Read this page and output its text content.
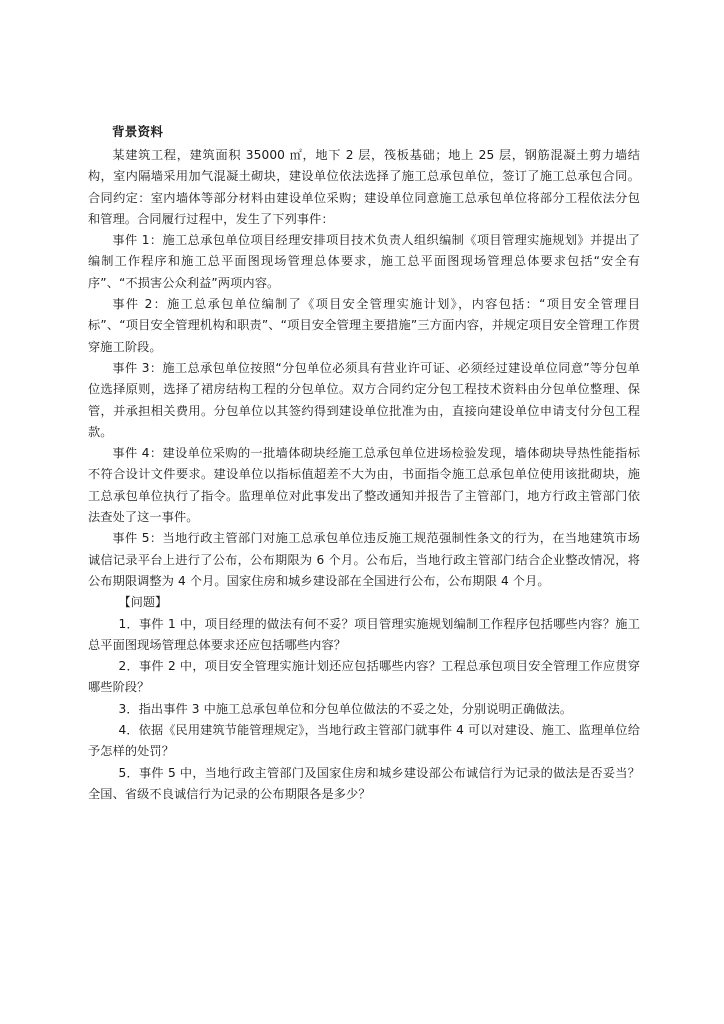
背景资料

某建筑工程，建筑面积 35000 ㎡，地下 2 层，筏板基础；地上 25 层，钢筋混凝土剪力墙结构，室内隔墙采用加气混凝土砌块，建设单位依法选择了施工总承包单位，签订了施工总承包合同。合同约定：室内墙体等部分材料由建设单位采购；建设单位同意施工总承包单位将部分工程依法分包和管理。合同履行过程中，发生了下列事件：

事件 1：施工总承包单位项目经理安排项目技术负责人组织编制《项目管理实施规划》并提出了编制工作程序和施工总平面图现场管理总体要求，施工总平面图现场管理总体要求包括“安全有序”、“不损害公众利益”两项内容。

事件 2：施工总承包单位编制了《项目安全管理实施计划》，内容包括：“项目安全管理目标”、“项目安全管理机构和职责”、“项目安全管理主要措施”三方面内容，并规定项目安全管理工作贯穿施工阶段。

事件 3：施工总承包单位按照“分包单位必须具有营业许可证、必须经过建设单位同意”等分包单位选择原则，选择了裙房结构工程的分包单位。双方合同约定分包工程技术资料由分包单位整理、保管，并承担相关费用。分包单位以其签约得到建设单位批准为由，直接向建设单位申请支付分包工程款。

事件 4：建设单位采购的一批墙体砌块经施工总承包单位进场检验发现，墙体砌块导热性能指标不符合设计文件要求。建设单位以指标值超差不大为由，书面指令施工总承包单位使用该批砌块，施工总承包单位执行了指令。监理单位对此事发出了整改通知并报告了主管部门，地方行政主管部门依法查处了这一事件。

事件 5：当地行政主管部门对施工总承包单位违反施工规范强制性条文的行为，在当地建筑市场诚信记录平台上进行了公布，公布期限为 6 个月。公布后，当地行政主管部门结合企业整改情况，将公布期限调整为 4 个月。国家住房和城乡建设部在全国进行公布，公布期限 4 个月。

【问题】

1．事件 1 中，项目经理的做法有何不妥？项目管理实施规划编制工作程序包括哪些内容？施工总平面图现场管理总体要求还应包括哪些内容？

2．事件 2 中，项目安全管理实施计划还应包括哪些内容？工程总承包项目安全管理工作应贯穿哪些阶段？

3．指出事件 3 中施工总承包单位和分包单位做法的不妥之处，分别说明正确做法。

4．依据《民用建筑节能管理规定》，当地行政主管部门就事件 4 可以对建设、施工、监理单位给予怎样的处罚？

5．事件 5 中，当地行政主管部门及国家住房和城乡建设部公布诚信行为记录的做法是否妥当？全国、省级不良诚信行为记录的公布期限各是多少？
